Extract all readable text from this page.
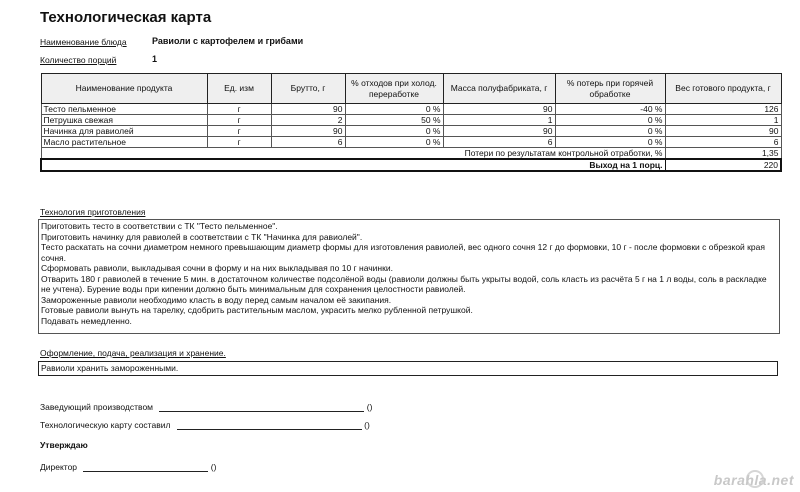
Технологическая карта
Наименование блюда	Равиоли с картофелем и грибами
Количество порций	1
Наименование продукта	Ед. изм	Брутто, г	% отходов при холод. переработке	Масса полуфабриката, г	% потерь при горячей обработке	Вес готового продукта, г
Тесто пельменное	г	90	0 %	90	-40 %	126
Петрушка свежая	г	2	50 %	1	0 %	1
Начинка для равиолей	г	90	0 %	90	0 %	90
Масло растительное	г	6	0 %	6	0 %	6
Потери по результатам контрольной отработки, %						1,35
Выход на 1 порц.						220
Технология приготовления
Приготовить тесто в соответствии с ТК "Тесто пельменное".
Приготовить начинку для равиолей в соответствии с ТК "Начинка для равиолей".
Тесто раскатать на сочни диаметром немного превышающим диаметр формы для изготовления равиолей, вес одного сочня 12 г до формовки, 10 г - после формовки с обрезкой края сочня.
Сформовать равиоли, выкладывая сочни в форму и на них выкладывая по 10 г начинки.
Отварить 180 г равиолей в течение 5 мин. в достаточном количестве подсолёной воды (равиоли должны быть укрыты водой, соль класть из расчёта 5 г на 1 л воды, соль в раскладке не учтена). Бурение воды при кипении должно быть минимальным для сохранения целостности равиолей.
Замороженные равиоли необходимо класть в воду перед самым началом её закипания.
Готовые равиоли вынуть на тарелку, сдобрить растительным маслом, украсить мелко рубленной петрушкой.
Подавать немедленно.
Оформление, подача, реализация и хранение.
Равиоли хранить замороженными.
Заведующий производством	()
Технологическую карту составил	()
Утверждаю
Директор	()
barahla.net
